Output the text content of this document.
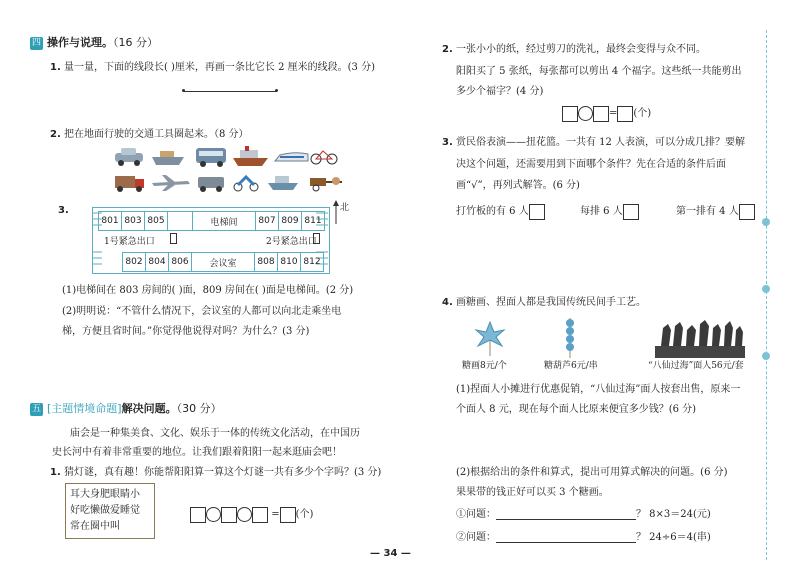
四 操作与说理。（16 分）
1. 量一量，下面的线段长( )厘米，再画一条比它长 2 厘米的线段。(3 分)
2. 把在地面行驶的交通工具圈起来。（8 分）
3.
801	803	805		电梯间	807	809	811
1号紧急出口	2号紧急出口
802	804	806	会议室	808	810	812
北
(1)电梯间在 803 房间的( )面，809 房间在( )面是电梯间。(2 分)
(2)明明说：“不管什么情况下，会议室的人都可以向北走乘坐电
梯，方便且省时间。”你觉得他说得对吗？为什么？(3 分)
五 [主题情境命题]解决问题。（30 分）
庙会是一种集美食、文化、娱乐于一体的传统文化活动，在中国历
史长河中有着非常重要的地位。让我们跟着阳阳一起来逛庙会吧！
1. 猜灯谜，真有趣！你能帮阳阳算一算这个灯谜一共有多少个字吗？(3 分)
耳大身肥眼睛小
好吃懒做爱睡觉
常在圈中叫
= (个)
— 34 —
2. 一张小小的纸，经过剪刀的洗礼，最终会变得与众不同。
阳阳买了 5 张纸，每张都可以剪出 4 个福字。这些纸一共能剪出
多少个福字？(4 分)
= (个)
3. 赏民俗表演——扭花篮。一共有 12 人表演，可以分成几排？要解
决这个问题，还需要用到下面哪个条件？先在合适的条件后面
画“√”，再列式解答。(6 分)
打竹板的有 6 人	每排 6 人	第一排有 4 人
4. 画糖画、捏面人都是我国传统民间手工艺。
糖画8元/个	糖葫芦6元/串	“八仙过海”面人56元/套
(1)捏面人小摊进行优惠促销，“八仙过海”面人按套出售，原来一
个面人 8 元，现在每个面人比原来便宜多少钱？(6 分)
(2)根据给出的条件和算式，提出可用算式解决的问题。(6 分)
果果带的钱正好可以买 3 个糖画。
①问题：	？ 8×3＝24(元)
②问题：	？ 24÷6＝4(串)
